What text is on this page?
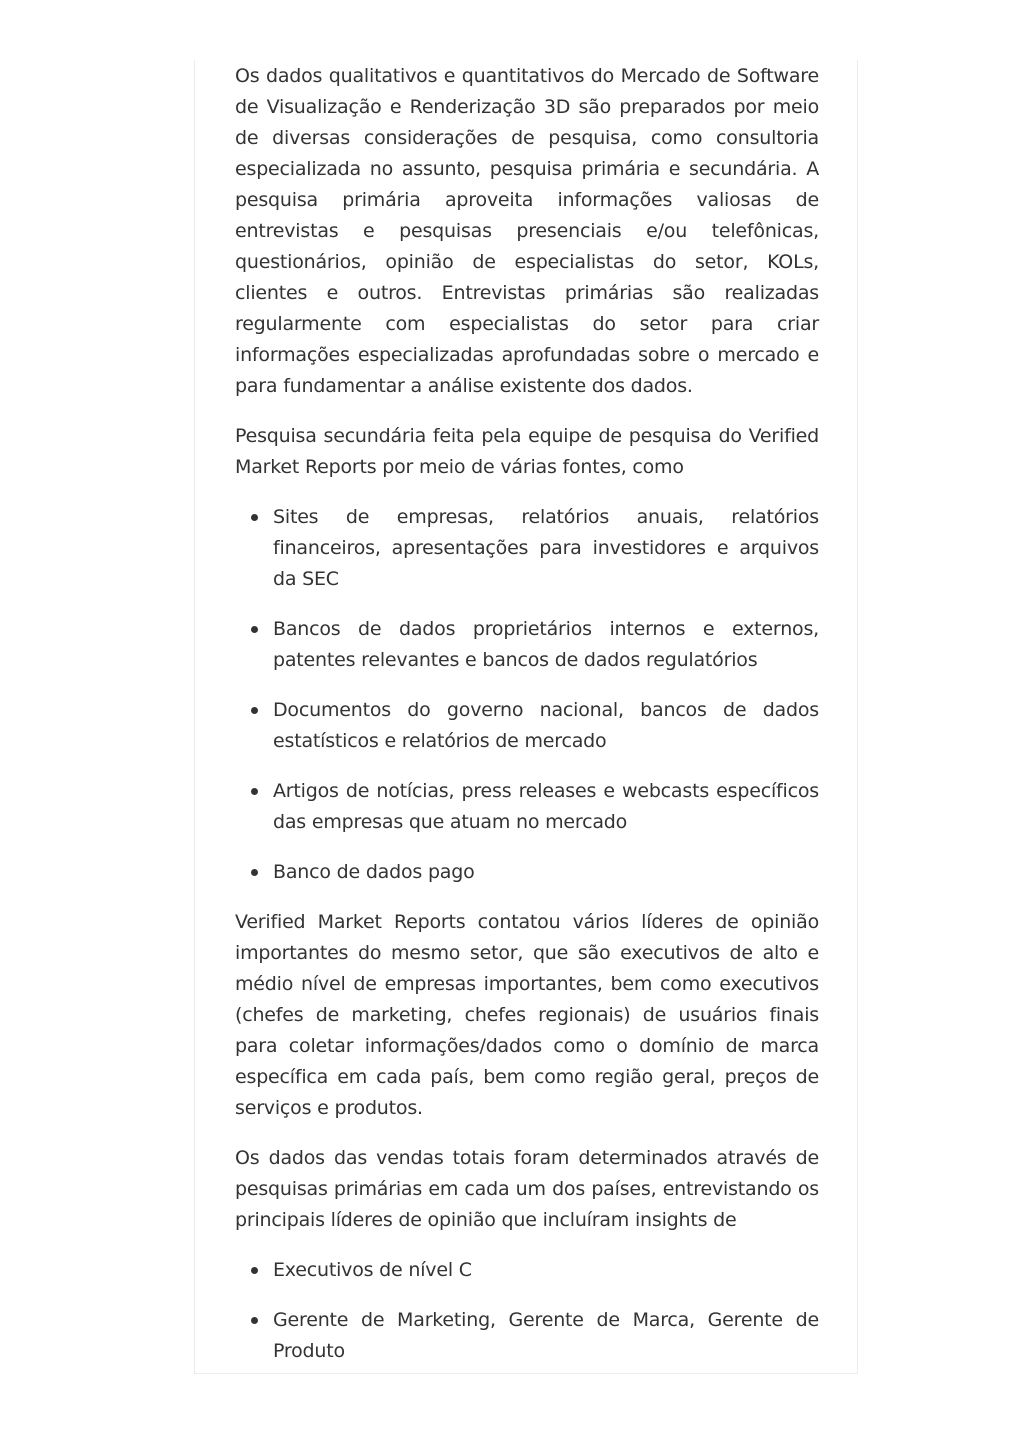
Os dados qualitativos e quantitativos do Mercado de Software de Visualização e Renderização 3D são preparados por meio de diversas considerações de pesquisa, como consultoria especializada no assunto, pesquisa primária e secundária. A pesquisa primária aproveita informações valiosas de entrevistas e pesquisas presenciais e/ou telefônicas, questionários, opinião de especialistas do setor, KOLs, clientes e outros. Entrevistas primárias são realizadas regularmente com especialistas do setor para criar informações especializadas aprofundadas sobre o mercado e para fundamentar a análise existente dos dados.

Pesquisa secundária feita pela equipe de pesquisa do Verified Market Reports por meio de várias fontes, como

Sites de empresas, relatórios anuais, relatórios financeiros, apresentações para investidores e arquivos da SEC
Bancos de dados proprietários internos e externos, patentes relevantes e bancos de dados regulatórios
Documentos do governo nacional, bancos de dados estatísticos e relatórios de mercado
Artigos de notícias, press releases e webcasts específicos das empresas que atuam no mercado
Banco de dados pago

Verified Market Reports contatou vários líderes de opinião importantes do mesmo setor, que são executivos de alto e médio nível de empresas importantes, bem como executivos (chefes de marketing, chefes regionais) de usuários finais para coletar informações/dados como o domínio de marca específica em cada país, bem como região geral, preços de serviços e produtos.

Os dados das vendas totais foram determinados através de pesquisas primárias em cada um dos países, entrevistando os principais líderes de opinião que incluíram insights de

Executivos de nível C
Gerente de Marketing, Gerente de Marca, Gerente de Produto
